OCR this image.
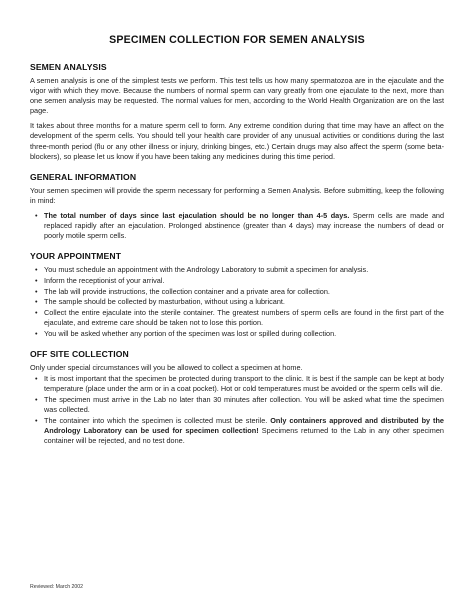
SPECIMEN COLLECTION FOR SEMEN ANALYSIS
SEMEN ANALYSIS

A semen analysis is one of the simplest tests we perform. This test tells us how many spermatozoa are in the ejaculate and the vigor with which they move. Because the numbers of normal sperm can vary greatly from one ejaculate to the next, more than one semen analysis may be requested. The normal values for men, according to the World Health Organization are on the last page.

It takes about three months for a mature sperm cell to form. Any extreme condition during that time may have an affect on the development of the sperm cells. You should tell your health care provider of any unusual activities or conditions during the last three-month period (flu or any other illness or injury, drinking binges, etc.) Certain drugs may also affect the sperm (some beta-blockers), so please let us know if you have been taking any medicines during this time period.

GENERAL INFORMATION

Your semen specimen will provide the sperm necessary for performing a Semen Analysis. Before submitting, keep the following in mind:

• The total number of days since last ejaculation should be no longer than 4-5 days. Sperm cells are made and replaced rapidly after an ejaculation. Prolonged abstinence (greater than 4 days) may increase the numbers of dead or poorly motile sperm cells.
YOUR APPOINTMENT
• You must schedule an appointment with the Andrology Laboratory to submit a specimen for analysis.
• Inform the receptionist of your arrival.
• The lab will provide instructions, the collection container and a private area for collection.
• The sample should be collected by masturbation, without using a lubricant.
• Collect the entire ejaculate into the sterile container. The greatest numbers of sperm cells are found in the first part of the ejaculate, and extreme care should be taken not to lose this portion.
• You will be asked whether any portion of the specimen was lost or spilled during collection.
OFF SITE COLLECTION

Only under special circumstances will you be allowed to collect a specimen at home.

• It is most important that the specimen be protected during transport to the clinic. It is best if the sample can be kept at body temperature (place under the arm or in a coat pocket). Hot or cold temperatures must be avoided or the sperm cells will die.
• The specimen must arrive in the Lab no later than 30 minutes after collection. You will be asked what time the specimen was collected.
• The container into which the specimen is collected must be sterile. Only containers approved and distributed by the Andrology Laboratory can be used for specimen collection! Specimens returned to the Lab in any other specimen container will be rejected, and no test done.
Reviewed: March 2002
